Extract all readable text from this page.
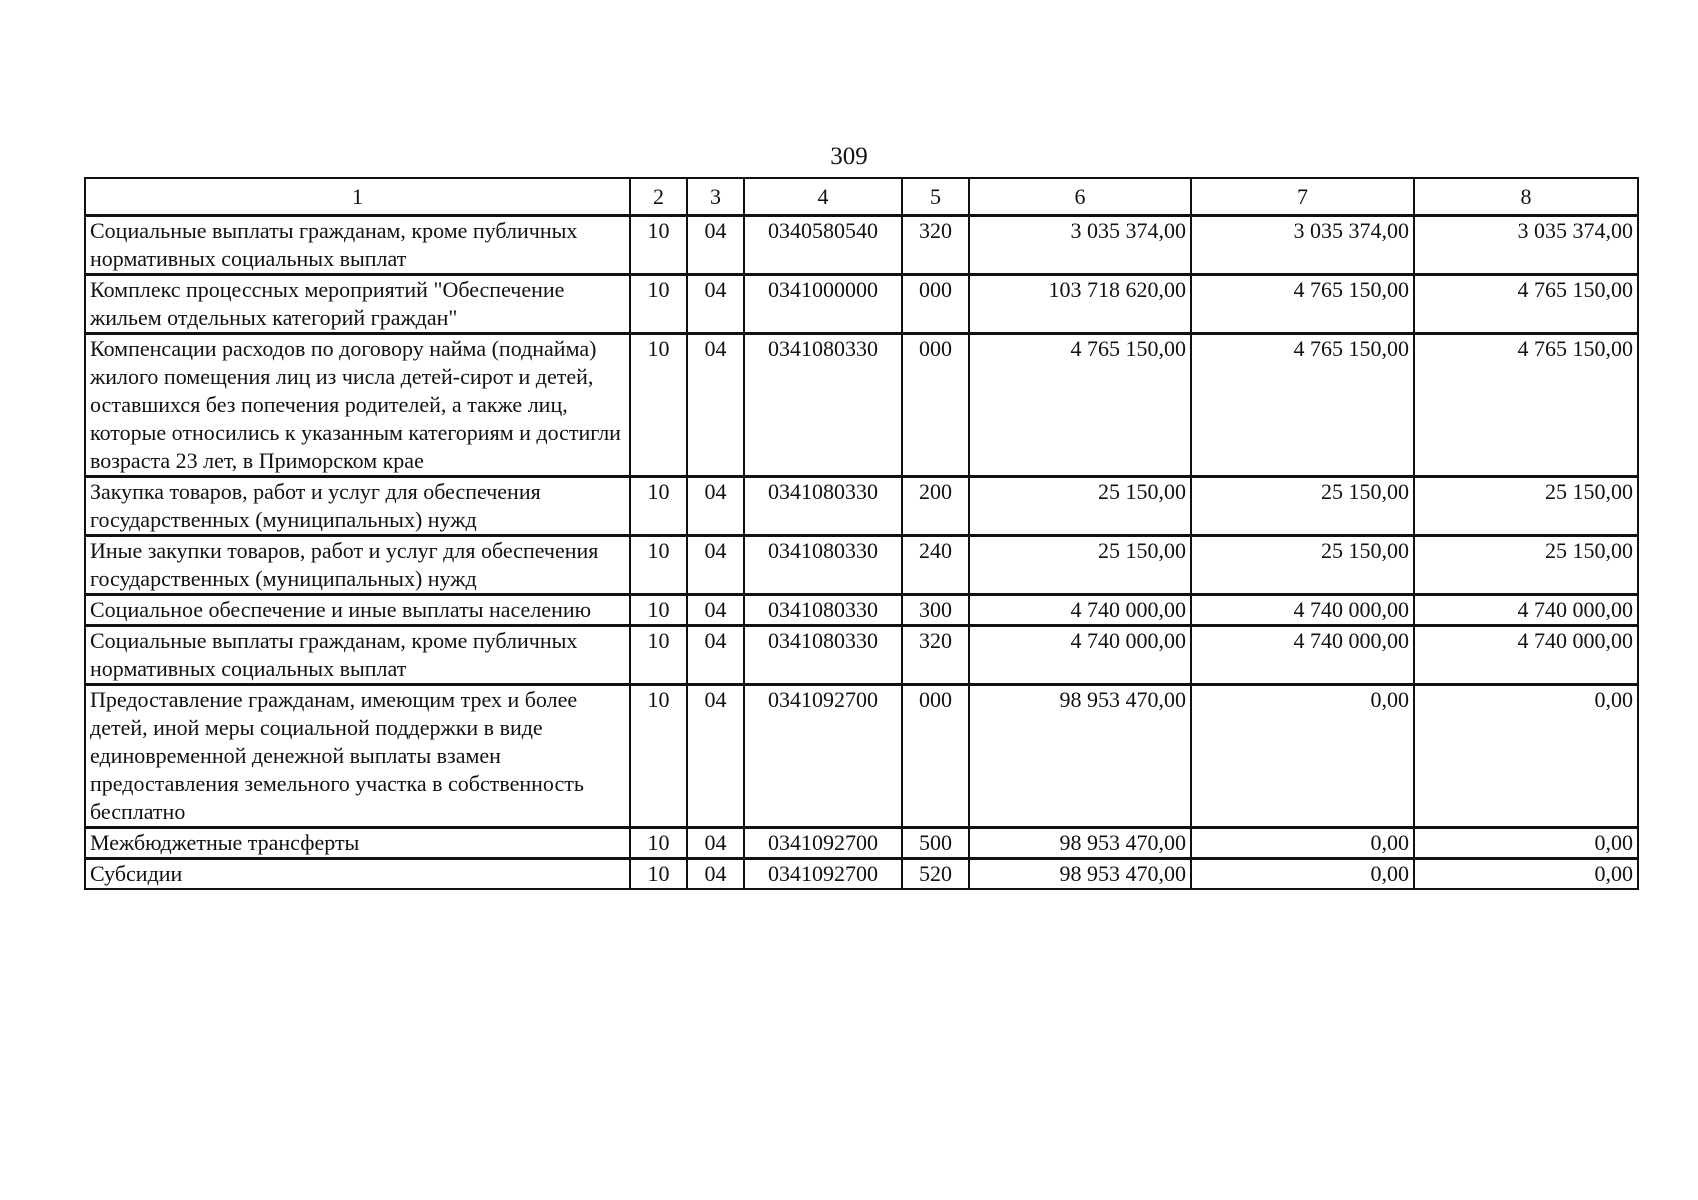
309
1	2	3	4	5	6	7	8
Социальные выплаты гражданам, кроме публичных нормативных социальных выплат	10	04	0340580540	320	3 035 374,00	3 035 374,00	3 035 374,00
Комплекс процессных мероприятий "Обеспечение жильем отдельных категорий граждан"	10	04	0341000000	000	103 718 620,00	4 765 150,00	4 765 150,00
Компенсации расходов по договору найма (поднайма) жилого помещения лиц из числа детей-сирот и детей, оставшихся без попечения родителей, а также лиц, которые относились к указанным категориям и достигли возраста 23 лет, в Приморском крае	10	04	0341080330	000	4 765 150,00	4 765 150,00	4 765 150,00
Закупка товаров, работ и услуг для обеспечения государственных (муниципальных) нужд	10	04	0341080330	200	25 150,00	25 150,00	25 150,00
Иные закупки товаров, работ и услуг для обеспечения государственных (муниципальных) нужд	10	04	0341080330	240	25 150,00	25 150,00	25 150,00
Социальное обеспечение и иные выплаты населению	10	04	0341080330	300	4 740 000,00	4 740 000,00	4 740 000,00
Социальные выплаты гражданам, кроме публичных нормативных социальных выплат	10	04	0341080330	320	4 740 000,00	4 740 000,00	4 740 000,00
Предоставление гражданам, имеющим трех и более детей, иной меры социальной поддержки в виде единовременной денежной выплаты взамен предоставления земельного участка в собственность бесплатно	10	04	0341092700	000	98 953 470,00	0,00	0,00
Межбюджетные трансферты	10	04	0341092700	500	98 953 470,00	0,00	0,00
Субсидии	10	04	0341092700	520	98 953 470,00	0,00	0,00
